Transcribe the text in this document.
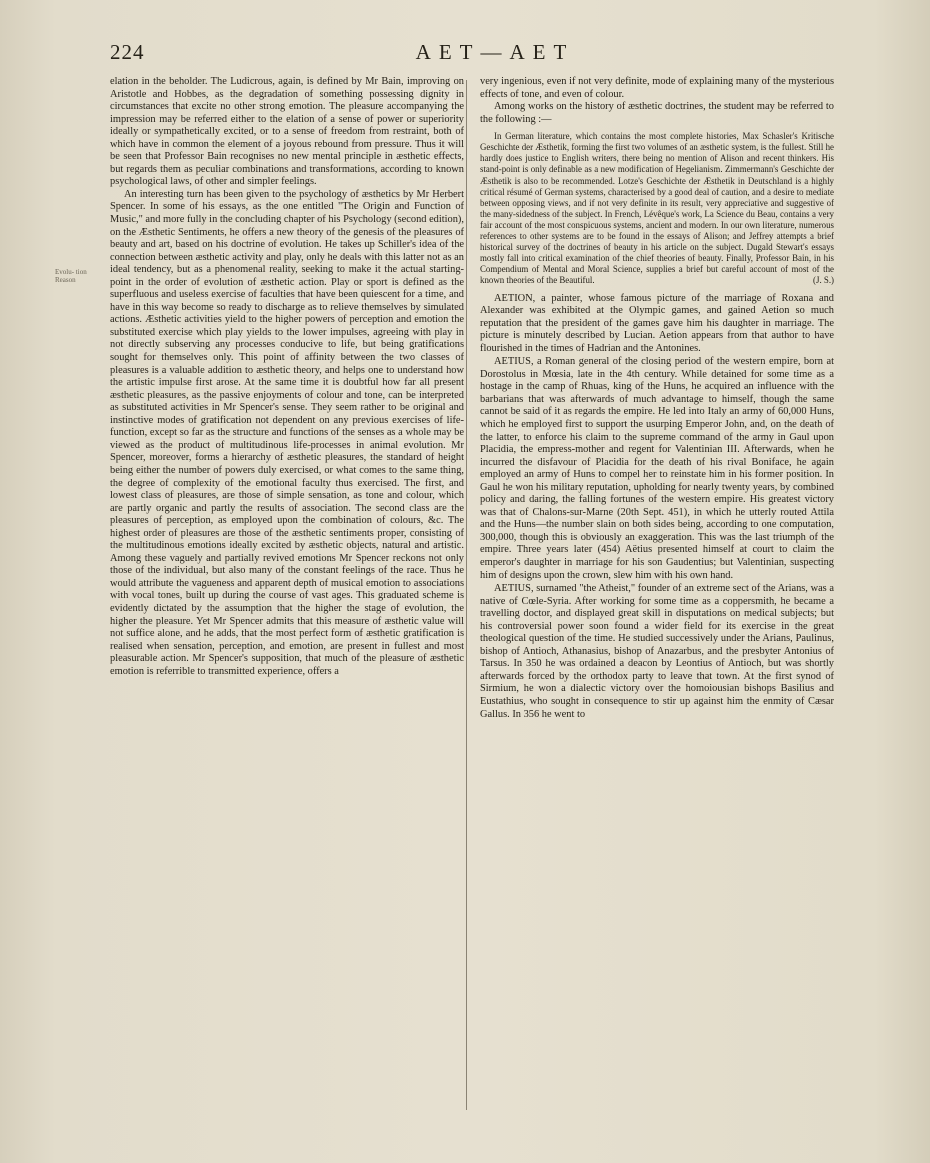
224	AET—AET
Evolu- tion Reason

elation in the beholder. The Ludicrous, again, is defined by Mr Bain, improving on Aristotle and Hobbes, as the degradation of something possessing dignity in circumstances that excite no other strong emotion. The pleasure accompanying the impression may be referred either to the elation of a sense of power or superiority ideally or sympathetically excited, or to a sense of freedom from restraint, both of which have in common the element of a joyous rebound from pressure. Thus it will be seen that Professor Bain recognises no new mental principle in æsthetic effects, but regards them as peculiar combinations and transformations, according to known psychological laws, of other and simpler feelings.

An interesting turn has been given to the psychology of æsthetics by Mr Herbert Spencer. In some of his essays, as the one entitled "The Origin and Function of Music," and more fully in the concluding chapter of his Psychology (second edition), on the Æsthetic Sentiments, he offers a new theory of the genesis of the pleasures of beauty and art, based on his doctrine of evolution. He takes up Schiller's idea of the connection between æsthetic activity and play, only he deals with this latter not as an ideal tendency, but as a phenomenal reality, seeking to make it the actual starting-point in the order of evolution of æsthetic action. Play or sport is defined as the superfluous and useless exercise of faculties that have been quiescent for a time, and have in this way become so ready to discharge as to relieve themselves by simulated actions. Æsthetic activities yield to the higher powers of perception and emotion the substituted exercise which play yields to the lower impulses, agreeing with play in not directly subserving any processes conducive to life, but being gratifications sought for themselves only. This point of affinity between the two classes of pleasures is a valuable addition to æsthetic theory, and helps one to understand how the artistic impulse first arose. At the same time it is doubtful how far all present æsthetic pleasures, as the passive enjoyments of colour and tone, can be interpreted as substituted activities in Mr Spencer's sense. They seem rather to be original and instinctive modes of gratification not dependent on any previous exercises of life-function, except so far as the structure and functions of the senses as a whole may be viewed as the product of multitudinous life-processes in animal evolution. Mr Spencer, moreover, forms a hierarchy of æsthetic pleasures, the standard of height being either the number of powers duly exercised, or what comes to the same thing, the degree of complexity of the emotional faculty thus exercised. The first, and lowest class of pleasures, are those of simple sensation, as tone and colour, which are partly organic and partly the results of association. The second class are the pleasures of perception, as employed upon the combination of colours, &c. The highest order of pleasures are those of the æsthetic sentiments proper, consisting of the multitudinous emotions ideally excited by æsthetic objects, natural and artistic. Among these vaguely and partially revived emotions Mr Spencer reckons not only those of the individual, but also many of the constant feelings of the race. Thus he would attribute the vagueness and apparent depth of musical emotion to associations with vocal tones, built up during the course of vast ages. This graduated scheme is evidently dictated by the assumption that the higher the stage of evolution, the higher the pleasure. Yet Mr Spencer admits that this measure of æsthetic value will not suffice alone, and he adds, that the most perfect form of æsthetic gratification is realised when sensation, perception, and emotion, are present in fullest and most pleasurable action. Mr Spencer's supposition, that much of the pleasure of æsthetic emotion is referrible to transmitted experience, offers a

very ingenious, even if not very definite, mode of explaining many of the mysterious effects of tone, and even of colour.

Among works on the history of æsthetic doctrines, the student may be referred to the following :—

In German literature, which contains the most complete histories, Max Schasler's Kritische Geschichte der Æsthetik, forming the first two volumes of an æsthetic system, is the fullest. Still he hardly does justice to English writers, there being no mention of Alison and recent thinkers. His stand-point is only definable as a new modification of Hegelianism. Zimmermann's Geschichte der Æsthetik is also to be recommended. Lotze's Geschichte der Æsthetik in Deutschland is a highly critical résumé of German systems, characterised by a good deal of caution, and a desire to mediate between opposing views, and if not very definite in its result, very appreciative and suggestive of the many-sidedness of the subject. In French, Lévêque's work, La Science du Beau, contains a very fair account of the most conspicuous systems, ancient and modern. In our own literature, numerous references to other systems are to be found in the essays of Alison; and Jeffrey attempts a brief historical survey of the doctrines of beauty in his article on the subject. Dugald Stewart's essays mostly fall into critical examination of the chief theories of beauty. Finally, Professor Bain, in his Compendium of Mental and Moral Science, supplies a brief but careful account of most of the known theories of the Beautiful.	(J. S.)

AETION, a painter, whose famous picture of the marriage of Roxana and Alexander was exhibited at the Olympic games, and gained Aetion so much reputation that the president of the games gave him his daughter in marriage. The picture is minutely described by Lucian. Aetion appears from that author to have flourished in the times of Hadrian and the Antonines.

AETIUS, a Roman general of the closing period of the western empire, born at Dorostolus in Mœsia, late in the 4th century. While detained for some time as a hostage in the camp of Rhuas, king of the Huns, he acquired an influence with the barbarians that was afterwards of much advantage to himself, though the same cannot be said of it as regards the empire. He led into Italy an army of 60,000 Huns, which he employed first to support the usurping Emperor John, and, on the death of the latter, to enforce his claim to the supreme command of the army in Gaul upon Placidia, the empress-mother and regent for Valentinian III. Afterwards, when he incurred the disfavour of Placidia for the death of his rival Boniface, he again employed an army of Huns to compel her to reinstate him in his former position. In Gaul he won his military reputation, upholding for nearly twenty years, by combined policy and daring, the falling fortunes of the western empire. His greatest victory was that of Chalons-sur-Marne (20th Sept. 451), in which he utterly routed Attila and the Huns—the number slain on both sides being, according to one computation, 300,000, though this is obviously an exaggeration. This was the last triumph of the empire. Three years later (454) Aëtius presented himself at court to claim the emperor's daughter in marriage for his son Gaudentius; but Valentinian, suspecting him of designs upon the crown, slew him with his own hand.

AETIUS, surnamed "the Atheist," founder of an extreme sect of the Arians, was a native of Cœle-Syria. After working for some time as a coppersmith, he became a travelling doctor, and displayed great skill in disputations on medical subjects; but his controversial power soon found a wider field for its exercise in the great theological question of the time. He studied successively under the Arians, Paulinus, bishop of Antioch, Athanasius, bishop of Anazarbus, and the presbyter Antonius of Tarsus. In 350 he was ordained a deacon by Leontius of Antioch, but was shortly afterwards forced by the orthodox party to leave that town. At the first synod of Sirmium, he won a dialectic victory over the homoiousian bishops Basilius and Eustathius, who sought in consequence to stir up against him the enmity of Cæsar Gallus. In 356 he went to
